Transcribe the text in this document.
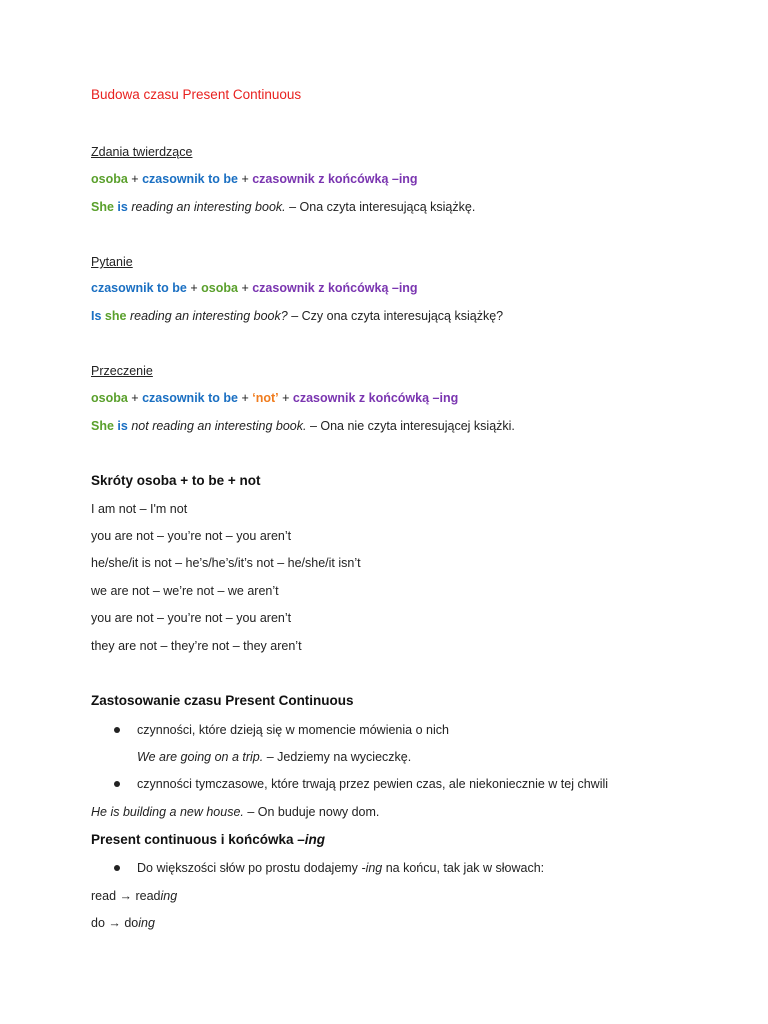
Budowa czasu Present Continuous
Zdania twierdzące
osoba + czasownik to be + czasownik z końcówką –ing
She is reading an interesting book. – Ona czyta interesującą książkę.
Pytanie
czasownik to be + osoba + czasownik z końcówką –ing
Is she reading an interesting book? – Czy ona czyta interesującą książkę?
Przeczenie
osoba + czasownik to be + ‘not’ + czasownik z końcówką –ing
She is not reading an interesting book. – Ona nie czyta interesującej książki.
Skróty osoba + to be + not
I am not – I'm not
you are not – you’re not – you aren’t
he/she/it is not – he’s/he’s/it’s not – he/she/it isn’t
we are not – we’re not – we aren’t
you are not – you’re not – you aren’t
they are not – they’re not – they aren’t
Zastosowanie czasu Present Continuous
czynności, które dzieją się w momencie mówienia o nich
We are going on a trip. – Jedziemy na wycieczkę.
czynności tymczasowe, które trwają przez pewien czas, ale niekoniecznie w tej chwili
He is building a new house. – On buduje nowy dom.
Present continuous i końcówka –ing
Do większości słów po prostu dodajemy -ing na końcu, tak jak w słowach:
read → reading
do → doing
